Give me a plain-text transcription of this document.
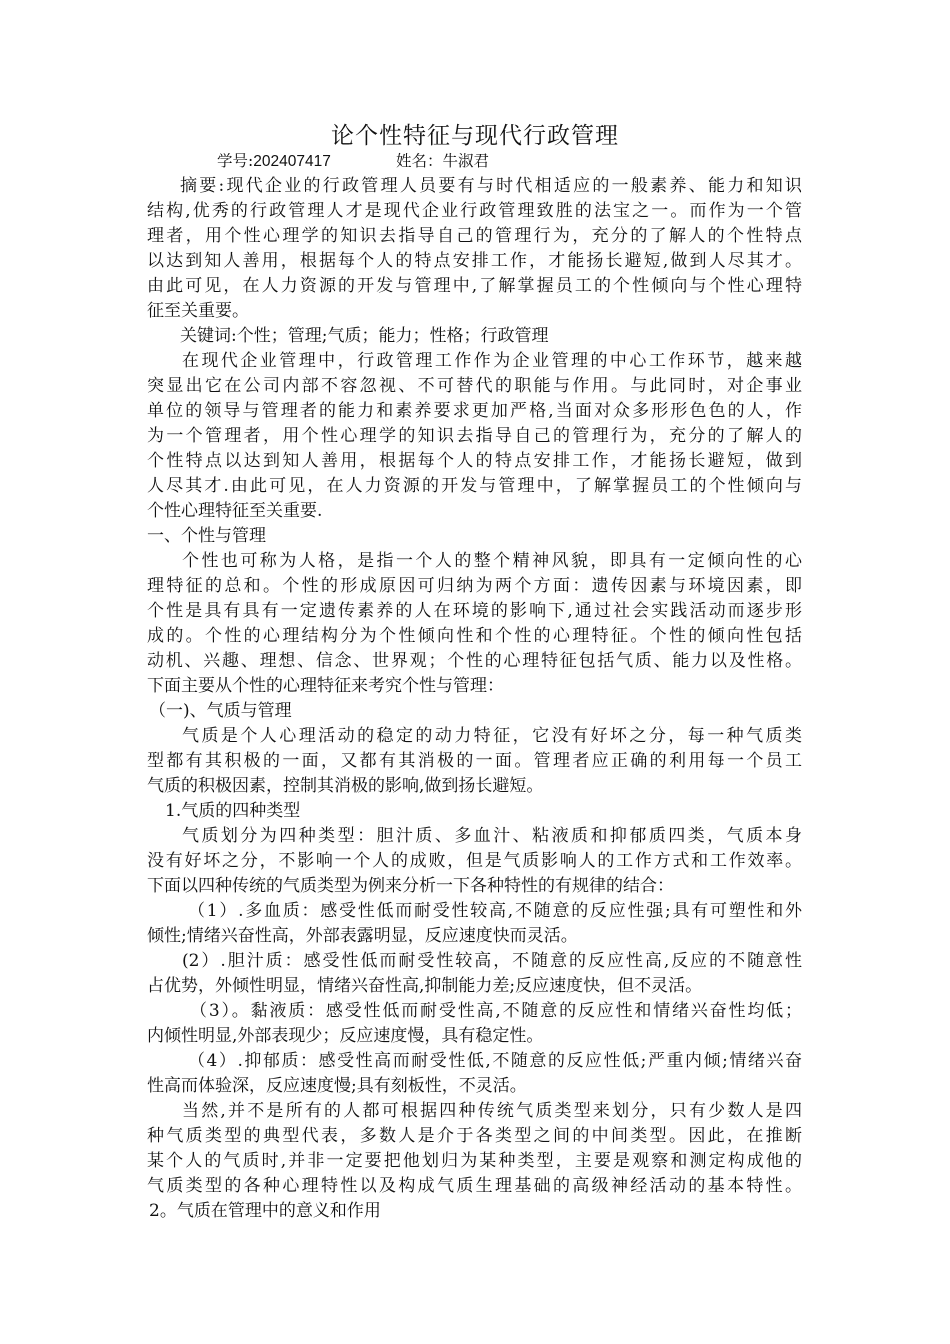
论个性特征与现代行政管理
学号:202407417	姓名：牛淑君
摘要:现代企业的行政管理人员要有与时代相适应的一般素养、能力和知识
结构,优秀的行政管理人才是现代企业行政管理致胜的法宝之一。而作为一个管
理者，用个性心理学的知识去指导自己的管理行为，充分的了解人的个性特点
以达到知人善用，根据每个人的特点安排工作，才能扬长避短,做到人尽其才。
由此可见，在人力资源的开发与管理中,了解掌握员工的个性倾向与个性心理特
征至关重要。
关键词:个性；管理;气质；能力；性格；行政管理
在现代企业管理中，行政管理工作作为企业管理的中心工作环节，越来越
突显出它在公司内部不容忽视、不可替代的职能与作用。与此同时，对企事业
单位的领导与管理者的能力和素养要求更加严格,当面对众多形形色色的人，作
为一个管理者，用个性心理学的知识去指导自己的管理行为，充分的了解人的
个性特点以达到知人善用，根据每个人的特点安排工作，才能扬长避短，做到
人尽其才.由此可见，在人力资源的开发与管理中，了解掌握员工的个性倾向与
个性心理特征至关重要.
一、个性与管理
个性也可称为人格，是指一个人的整个精神风貌，即具有一定倾向性的心
理特征的总和。个性的形成原因可归纳为两个方面：遗传因素与环境因素，即
个性是具有具有一定遗传素养的人在环境的影响下,通过社会实践活动而逐步形
成的。个性的心理结构分为个性倾向性和个性的心理特征。个性的倾向性包括
动机、兴趣、理想、信念、世界观；个性的心理特征包括气质、能力以及性格。
下面主要从个性的心理特征来考究个性与管理：
（一)、气质与管理
气质是个人心理活动的稳定的动力特征，它没有好坏之分，每一种气质类
型都有其积极的一面，又都有其消极的一面。管理者应正确的利用每一个员工
气质的积极因素，控制其消极的影响,做到扬长避短。
1.气质的四种类型
气质划分为四种类型：胆汁质、多血汁、粘液质和抑郁质四类，气质本身
没有好坏之分，不影响一个人的成败，但是气质影响人的工作方式和工作效率。
下面以四种传统的气质类型为例来分析一下各种特性的有规律的结合：
（1）.多血质：感受性低而耐受性较高,不随意的反应性强;具有可塑性和外
倾性;情绪兴奋性高，外部表露明显，反应速度快而灵活。
(2）.胆汁质：感受性低而耐受性较高，不随意的反应性高,反应的不随意性
占优势，外倾性明显，情绪兴奋性高,抑制能力差;反应速度快，但不灵活。
（3）。黏液质：感受性低而耐受性高,不随意的反应性和情绪兴奋性均低；
内倾性明显,外部表现少；反应速度慢，具有稳定性。
（4）.抑郁质：感受性高而耐受性低,不随意的反应性低;严重内倾;情绪兴奋
性高而体验深，反应速度慢;具有刻板性，不灵活。
当然,并不是所有的人都可根据四种传统气质类型来划分，只有少数人是四
种气质类型的典型代表，多数人是介于各类型之间的中间类型。因此，在推断
某个人的气质时,并非一定要把他划归为某种类型，主要是观察和测定构成他的
气质类型的各种心理特性以及构成气质生理基础的高级神经活动的基本特性。
2。气质在管理中的意义和作用
